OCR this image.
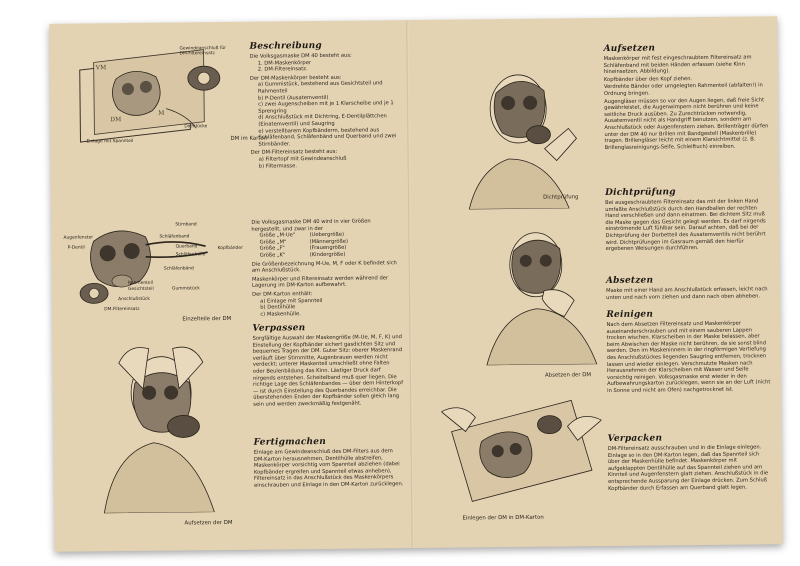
VM
M
DM
Gewindeanschluß für DM-Filtereinsatz
Einlage mit Spannteil
Dichtlücke
DM im Karton
Beschreibung

Die Volksgasmaske DM 40 besteht aus:

1. DM-Maskenkörper
2. DM-Filtereinsatz.

Der DM-Maskenkörper besteht aus:

a) Gummistück, bestehend aus Gesichtsteil und Rahmenteil
b) P-Dentil (Ausatemventil)
c) zwei Augenscheiben mit je 1 Klarscheibe und je 1 Sprengring
d) Anschlußstück mit Dichtring, E-Dentilplättchen (Einatemventil) und Saugring
e) verstellbarem Kopfbänderm, bestehend aus Schläfenband, Schläfenbänd und Querband und zwei Stirnbänder.

Der DM-Filtereinsatz besteht aus:

a) Filtertopf mit Gewindeanschluß
b) Filtermasse.

Die Volksgasmaske DM 40 wird in vier Größen hergestellt, und zwar in der

Größe „M-Ue"	(Uebergröße)
Größe „M"	(Männergröße)
Größe „F"	(Frauengröße)
Größe „K"	(Kindergröße)

Die Größenbezeichnung M-Ue, M, F oder K befindet sich am Anschlußstück.

Maskenkörper und Filtereinsatz werden während der Lagerung im DM-Karton aufbewahrt.

Der DM-Karton enthält:

a) Einlage mit Spannteil
b) Dentilhülle
c) Maskenhülle.
Augenfenster
P-Dentil
Stirnband
Schläfenband
Schläfenhülle
Querband	Kopfbänder
Schläfenbänd
Rahmenteil
Gesichtsteil	Gummistück
Anschlußstück
DM-Filtereinsatz
Einzelteile der DM
Verpassen

Sorgfältige Auswahl der Maskengröße (M-Ue, M, F, K) und Einstellung der Kopfbänder sichert gasdichten Sitz und bequemes Tragen der DM. Guter Sitz: oberer Maskenrand verläuft über Stirnmitte, Augenbrauen werden nicht verdeckt; unterer Maskenteil umschließt ohne Falten oder Beulenbildung das Kinn. Lästiger Druck darf nirgends entstehen. Scheitelband muß quer liegen. Die richtige Lage des Schläfenbandes — über dem Hinterkopf — ist durch Einstellung des Querbandes erreichbar. Die überstehenden Enden der Kopfbänder sollen gleich lang sein und werden zweckmäßig festgenäht.

Fertigmachen

Einlage am Gewindeanschluß des DM-Filters aus dem DM-Karton herausnehmen, Dentilhülle abstreifen, Maskenkörper vorsichtig vom Spannteil abziehen (dabei Kopfbänder ergreifen und Spannteil etwas anheben), Filtereinsatz in das Anschlußstück des Maskenkörpers einschrauben und Einlage in den DM-Karton zurücklegen.

Aufsetzen der DM
Dichtprüfung
Aufsetzen

Maskenkörper mit fest eingeschraubtem Filtereinsatz am Schläfenband mit beiden Händen erfassen (siehe Kinn hineinsetzen. Abbildung).

Kopfbänder über den Kopf ziehen.

Verdrehte Bänder oder umgelegten Rahmenteil (abfalten!) in Ordnung bringen.

Augengläser müssen so vor den Augen liegen, daß freie Sicht gewährleistet, die Augenwimpern nicht berühren und keine seitliche Druck ausüben. Zu Zurechtrücken notwendig, Ausatemventil nicht als Handgriff benutzen, sondern am Anschlußstück oder Augenfenstern ziehen. Brillenträger dürfen unter der DM 40 nur Brillen mit Bandgestell (Maskenbrille) tragen. Brillengläser leicht mit einem Klarsichtmittel (z. B. Brillenglasreinigungs-Seife, Schleiftuch) einreiben.

Dichtprüfung

Bei ausgeschraubtem Filtereinsatz das mit der linken Hand umfaßte Anschlußstück durch den Handballen der rechten Hand verschließen und dann einatmen. Bei dichtem Sitz muß die Maske gegen das Gesicht gelegt werden. Es darf nirgends einströmende Luft fühlbar sein. Darauf achten, daß bei der Dichtprüfung der Dorbetteil des Ausatemventils nicht berührt wird. Dichtprüfungen im Gasraum gemäß den hierfür ergebenen Weisungen durchführen.

Absetzen der DM
Absetzen

Maske mit einer Hand am Anschlußstück erfassen, leicht nach unten und nach vorn ziehen und dann nach oben abheben.

Reinigen

Nach dem Absetzen Filtereinsatz und Maskenkörper auseinanderschrauben und mit einem sauberen Lappen trocken wischen. Klarscheiben in der Maske belassen, aber beim Abwischen der Maske nicht berühren, da sie sonst blind werden. Den im Maskeninnern in der ringförmigen Vertiefung des Anschlußstückes liegenden Saugring entfernen, trocknen lassen und wieder einlegen. Verschmutzte Masken nach Herausnehmen der Klarscheiben mit Wasser und Seife vorsichtig reinigen. Volksgasmaske erst wieder in den Aufbewahrungskarton zurücklegen, wenn sie an der Luft (nicht in Sonne und nicht am Ofen) nachgetrocknet ist.

Einlegen der DM in DM-Karton
Verpacken

DM-Filtereinsatz ausschrauben und in die Einlage einlegen. Einlage so in den DM-Karton legen, daß das Spannteil sich über der Maskenhülle befindet. Maskenkörper mit aufgeklappten Dentilhülle auf das Spannteil ziehen und am Kinnteil und Augenfenstern glatt ziehen. Anschlußstück in die entsprechende Aussparung der Einlage drücken. Zum Schluß Kopfbänder durch Erfassen am Querband glatt legen.
